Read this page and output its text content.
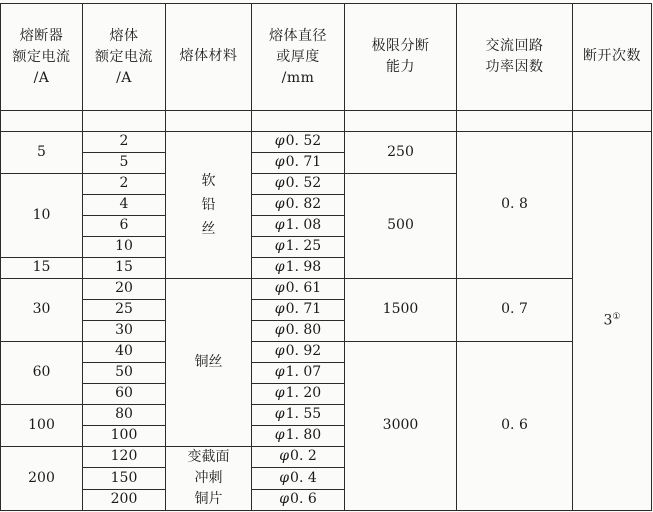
熔断器
额定电流
/A	熔体
额定电流
/A	熔体材料	熔体直径
或厚度
/mm	极限分断
能力	交流回路
功率因数	断开次数

5	2	软
铅
丝	φ0. 52	250	0. 8	3①
	5		φ0. 71			
10	2		φ0. 52	500		
	4		φ0. 82			
	6		φ1. 08			
	10		φ1. 25			
15	15		φ1. 98			
30	20	铜丝	φ0. 61	1500	0. 7	
	25		φ0. 71			
	30		φ0. 80			
60	40		φ0. 92	3000	0. 6	
	50		φ1. 07			
	60		φ1. 20			
100	80		φ1. 55			
	100		φ1. 80			
200	120	变截面
冲刺
铜片	φ0. 2			
	150		φ0. 4			
	200		φ0. 6			
